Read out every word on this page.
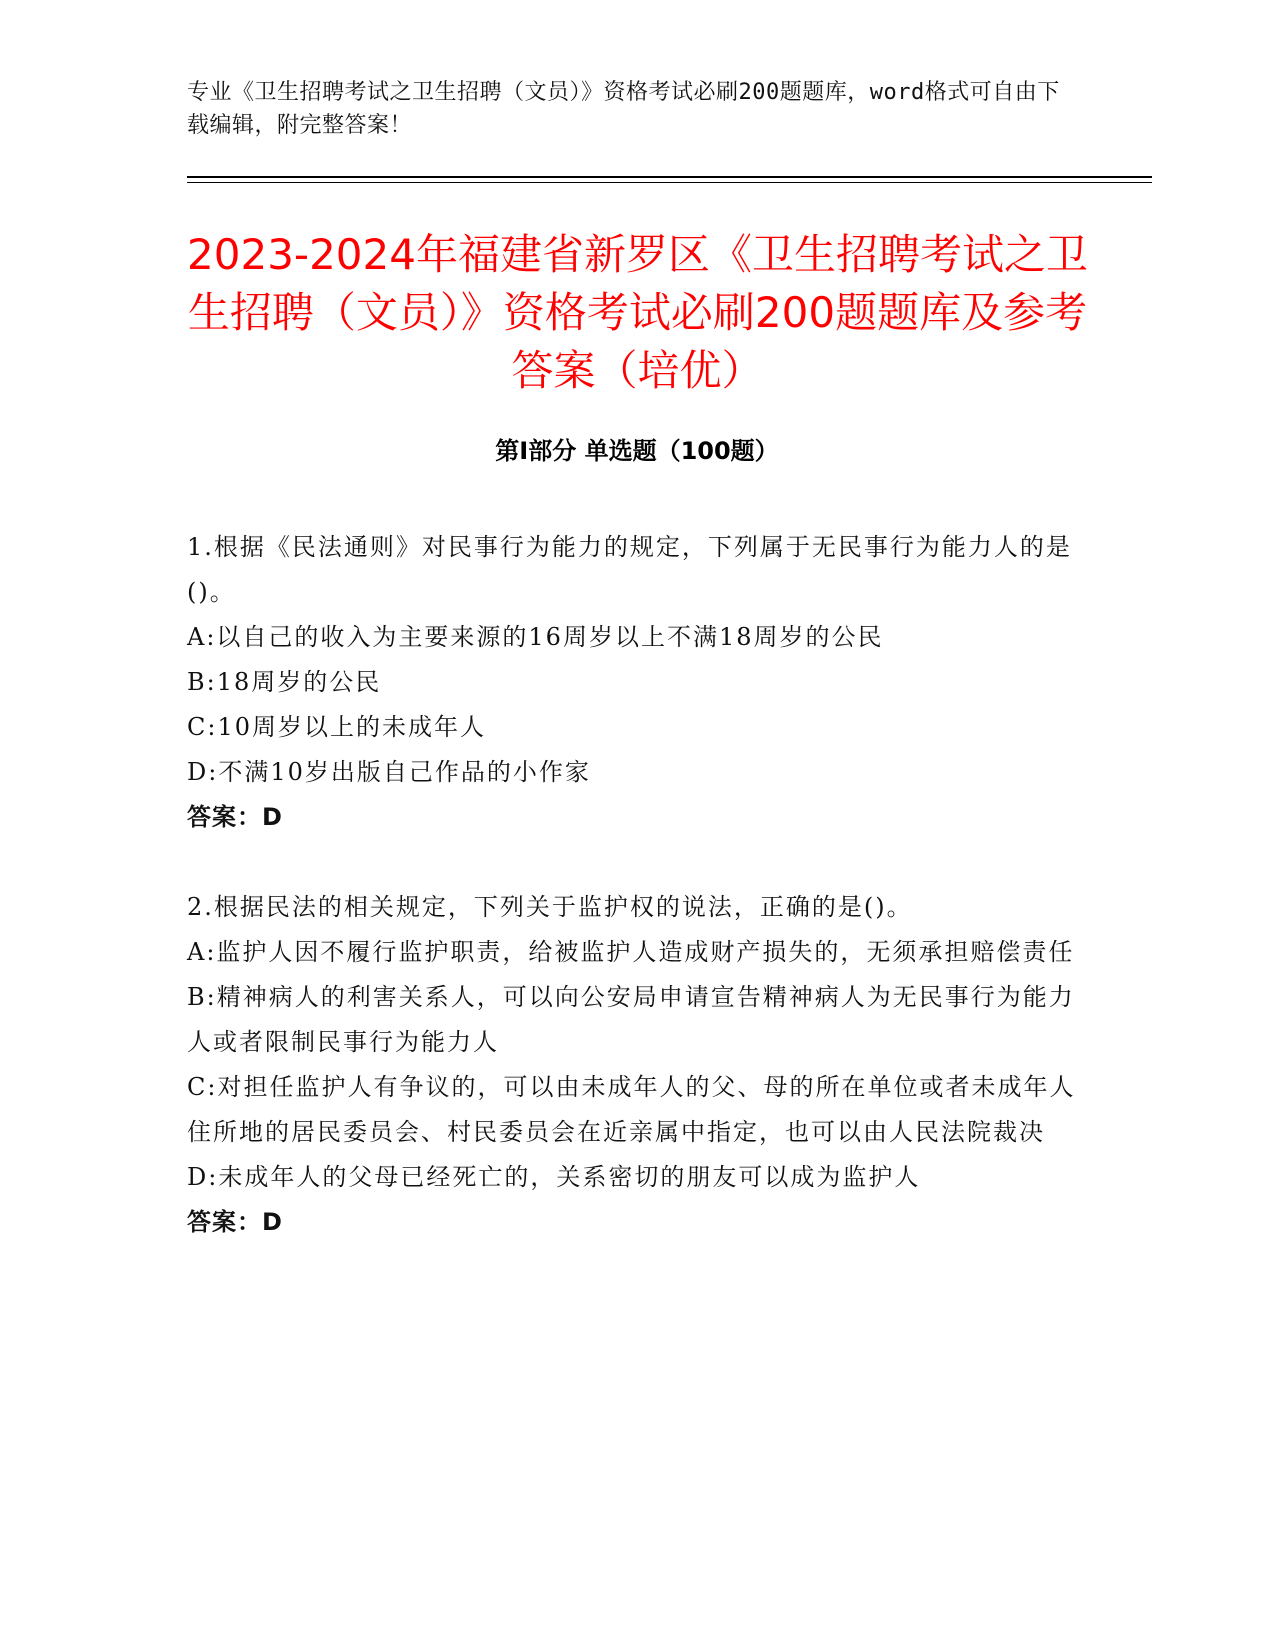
专业《卫生招聘考试之卫生招聘（文员）》资格考试必刷200题题库，word格式可自由下载编辑，附完整答案！
2023-2024年福建省新罗区《卫生招聘考试之卫生招聘（文员）》资格考试必刷200题题库及参考答案（培优）
第Ⅰ部分 单选题（100题）
1.根据《民法通则》对民事行为能力的规定，下列属于无民事行为能力人的是()。
A:以自己的收入为主要来源的16周岁以上不满18周岁的公民
B:18周岁的公民
C:10周岁以上的未成年人
D:不满10岁出版自己作品的小作家
答案：D
2.根据民法的相关规定，下列关于监护权的说法，正确的是()。
A:监护人因不履行监护职责，给被监护人造成财产损失的，无须承担赔偿责任
B:精神病人的利害关系人，可以向公安局申请宣告精神病人为无民事行为能力人或者限制民事行为能力人
C:对担任监护人有争议的，可以由未成年人的父、母的所在单位或者未成年人住所地的居民委员会、村民委员会在近亲属中指定，也可以由人民法院裁决
D:未成年人的父母已经死亡的，关系密切的朋友可以成为监护人
答案：D
